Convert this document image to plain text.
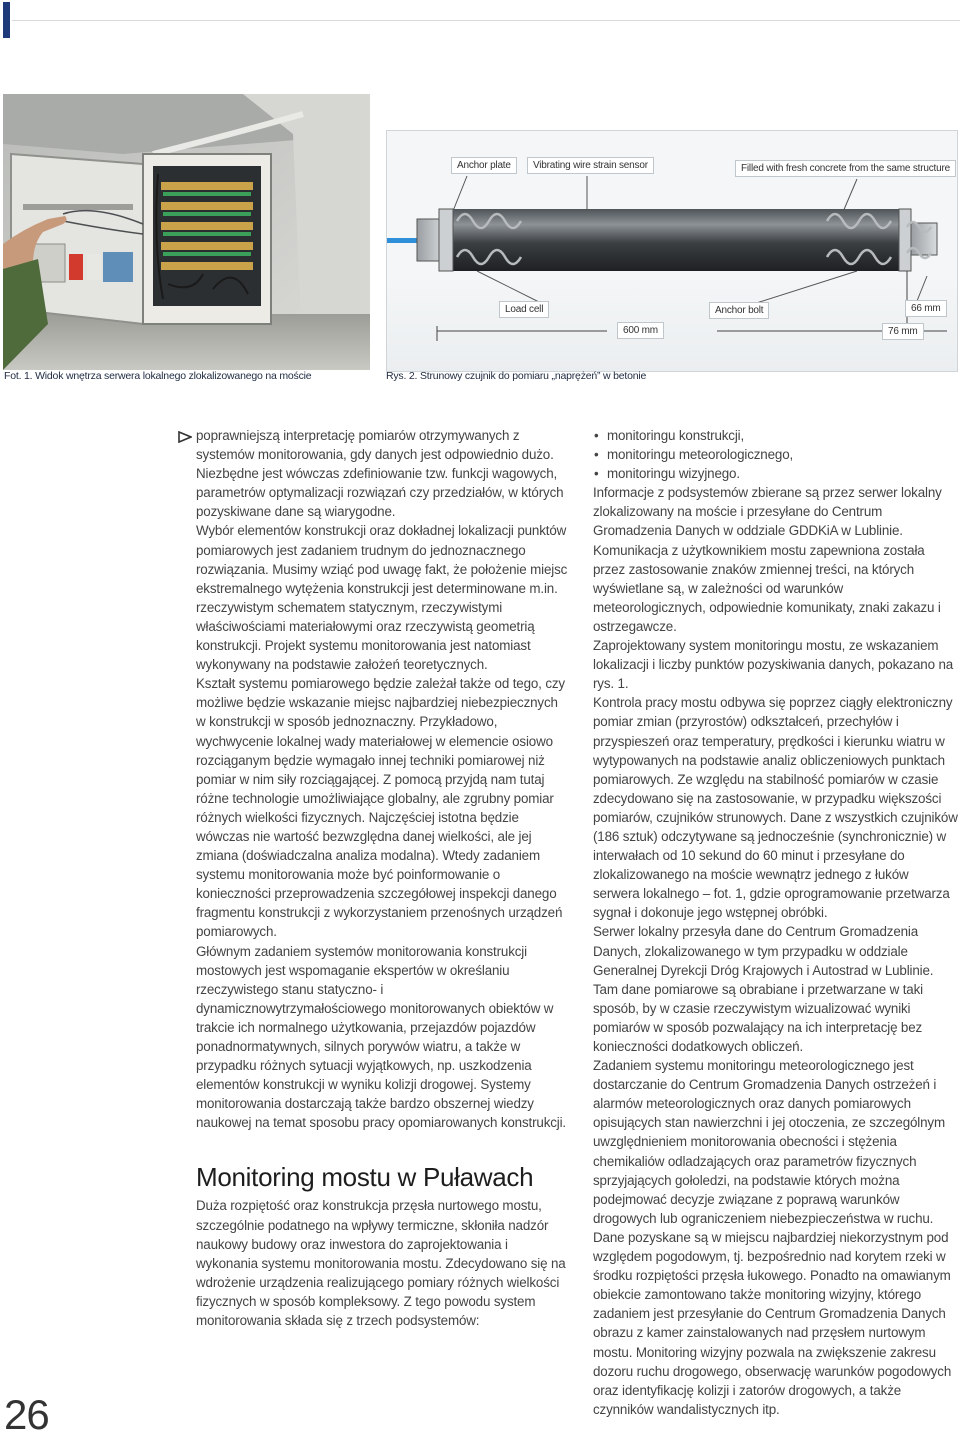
Anchor plate	Vibrating wire strain sensor	Filled with fresh concrete from the same structure
Load cell	Anchor bolt	66 mm
600 mm	76 mm
Fot. 1. Widok wnętrza serwera lokalnego zlokalizowanego na moście	Rys. 2. Strunowy czujnik do pomiaru „naprężeń” w betonie

poprawniejszą interpretację pomiarów otrzymywanych z systemów monitorowania, gdy danych jest odpowiednio dużo. Niezbędne jest wówczas zdefiniowanie tzw. funkcji wagowych, parametrów optymalizacji rozwiązań czy przedziałów, w których pozyskiwane dane są wiarygodne.

Wybór elementów konstrukcji oraz dokładnej lokalizacji punktów pomiarowych jest zadaniem trudnym do jednoznacznego rozwiązania. Musimy wziąć pod uwagę fakt, że położenie miejsc ekstremalnego wytężenia konstrukcji jest determinowane m.in. rzeczywistym schematem statycznym, rzeczywistymi właściwościami materiałowymi oraz rzeczywistą geometrią konstrukcji. Projekt systemu monitorowania jest natomiast wykonywany na podstawie założeń teoretycznych.

Kształt systemu pomiarowego będzie zależał także od tego, czy możliwe będzie wskazanie miejsc najbardziej niebezpiecznych w konstrukcji w sposób jednoznaczny. Przykładowo, wychwycenie lokalnej wady materiałowej w elemencie osiowo rozciąganym będzie wymagało innej techniki pomiarowej niż pomiar w nim siły rozciągającej. Z pomocą przyjdą nam tutaj różne technologie umożliwiające globalny, ale zgrubny pomiar różnych wielkości fizycznych. Najczęściej istotna będzie wówczas nie wartość bezwzględna danej wielkości, ale jej zmiana (doświadczalna analiza modalna). Wtedy zadaniem systemu monitorowania może być poinformowanie o konieczności przeprowadzenia szczegółowej inspekcji danego fragmentu konstrukcji z wykorzystaniem przenośnych urządzeń pomiarowych.

Głównym zadaniem systemów monitorowania konstrukcji mostowych jest wspomaganie ekspertów w określaniu rzeczywistego stanu statyczno- i dynamicznowytrzymałościowego monitorowanych obiektów w trakcie ich normalnego użytkowania, przejazdów pojazdów ponadnormatywnych, silnych porywów wiatru, a także w przypadku różnych sytuacji wyjątkowych, np. uszkodzenia elementów konstrukcji w wyniku kolizji drogowej. Systemy monitorowania dostarczają także bardzo obszernej wiedzy naukowej na temat sposobu pracy opomiarowanych konstrukcji.

Monitoring mostu w Puławach

Duża rozpiętość oraz konstrukcja przęsła nurtowego mostu, szczególnie podatnego na wpływy termiczne, skłoniła nadzór naukowy budowy oraz inwestora do zaprojektowania i wykonania systemu monitorowania mostu. Zdecydowano się na wdrożenie urządzenia realizującego pomiary różnych wielkości fizycznych w sposób kompleksowy. Z tego powodu system monitorowania składa się z trzech podsystemów:

• monitoringu konstrukcji,
• monitoringu meteorologicznego,
• monitoringu wizyjnego.

Informacje z podsystemów zbierane są przez serwer lokalny zlokalizowany na moście i przesyłane do Centrum Gromadzenia Danych w oddziale GDDKiA w Lublinie. Komunikacja z użytkownikiem mostu zapewniona została przez zastosowanie znaków zmiennej treści, na których wyświetlane są, w zależności od warunków meteorologicznych, odpowiednie komunikaty, znaki zakazu i ostrzegawcze.

Zaprojektowany system monitoringu mostu, ze wskazaniem lokalizacji i liczby punktów pozyskiwania danych, pokazano na rys. 1.

Kontrola pracy mostu odbywa się poprzez ciągły elektroniczny pomiar zmian (przyrostów) odkształceń, przechyłów i przyspieszeń oraz temperatury, prędkości i kierunku wiatru w wytypowanych na podstawie analiz obliczeniowych punktach pomiarowych. Ze względu na stabilność pomiarów w czasie zdecydowano się na zastosowanie, w przypadku większości pomiarów, czujników strunowych. Dane z wszystkich czujników (186 sztuk) odczytywane są jednocześnie (synchronicznie) w interwałach od 10 sekund do 60 minut i przesyłane do zlokalizowanego na moście wewnątrz jednego z łuków serwera lokalnego – fot. 1, gdzie oprogramowanie przetwarza sygnał i dokonuje jego wstępnej obróbki.

Serwer lokalny przesyła dane do Centrum Gromadzenia Danych, zlokalizowanego w tym przypadku w oddziale Generalnej Dyrekcji Dróg Krajowych i Autostrad w Lublinie. Tam dane pomiarowe są obrabiane i przetwarzane w taki sposób, by w czasie rzeczywistym wizualizować wyniki pomiarów w sposób pozwalający na ich interpretację bez konieczności dodatkowych obliczeń.

Zadaniem systemu monitoringu meteorologicznego jest dostarczanie do Centrum Gromadzenia Danych ostrzeżeń i alarmów meteorologicznych oraz danych pomiarowych opisujących stan nawierzchni i jej otoczenia, ze szczególnym uwzględnieniem monitorowania obecności i stężenia chemikaliów odladzających oraz parametrów fizycznych sprzyjających gołoledzi, na podstawie których można podejmować decyzje związane z poprawą warunków drogowych lub ograniczeniem niebezpieczeństwa w ruchu. Dane pozyskane są w miejscu najbardziej niekorzystnym pod względem pogodowym, tj. bezpośrednio nad korytem rzeki w środku rozpiętości przęsła łukowego. Ponadto na omawianym obiekcie zamontowano także monitoring wizyjny, którego zadaniem jest przesyłanie do Centrum Gromadzenia Danych obrazu z kamer zainstalowanych nad przęsłem nurtowym mostu. Monitoring wizyjny pozwala na zwiększenie zakresu dozoru ruchu drogowego, obserwację warunków pogodowych oraz identyfikację kolizji i zatorów drogowych, a także czynników wandalistycznych itp.

26
